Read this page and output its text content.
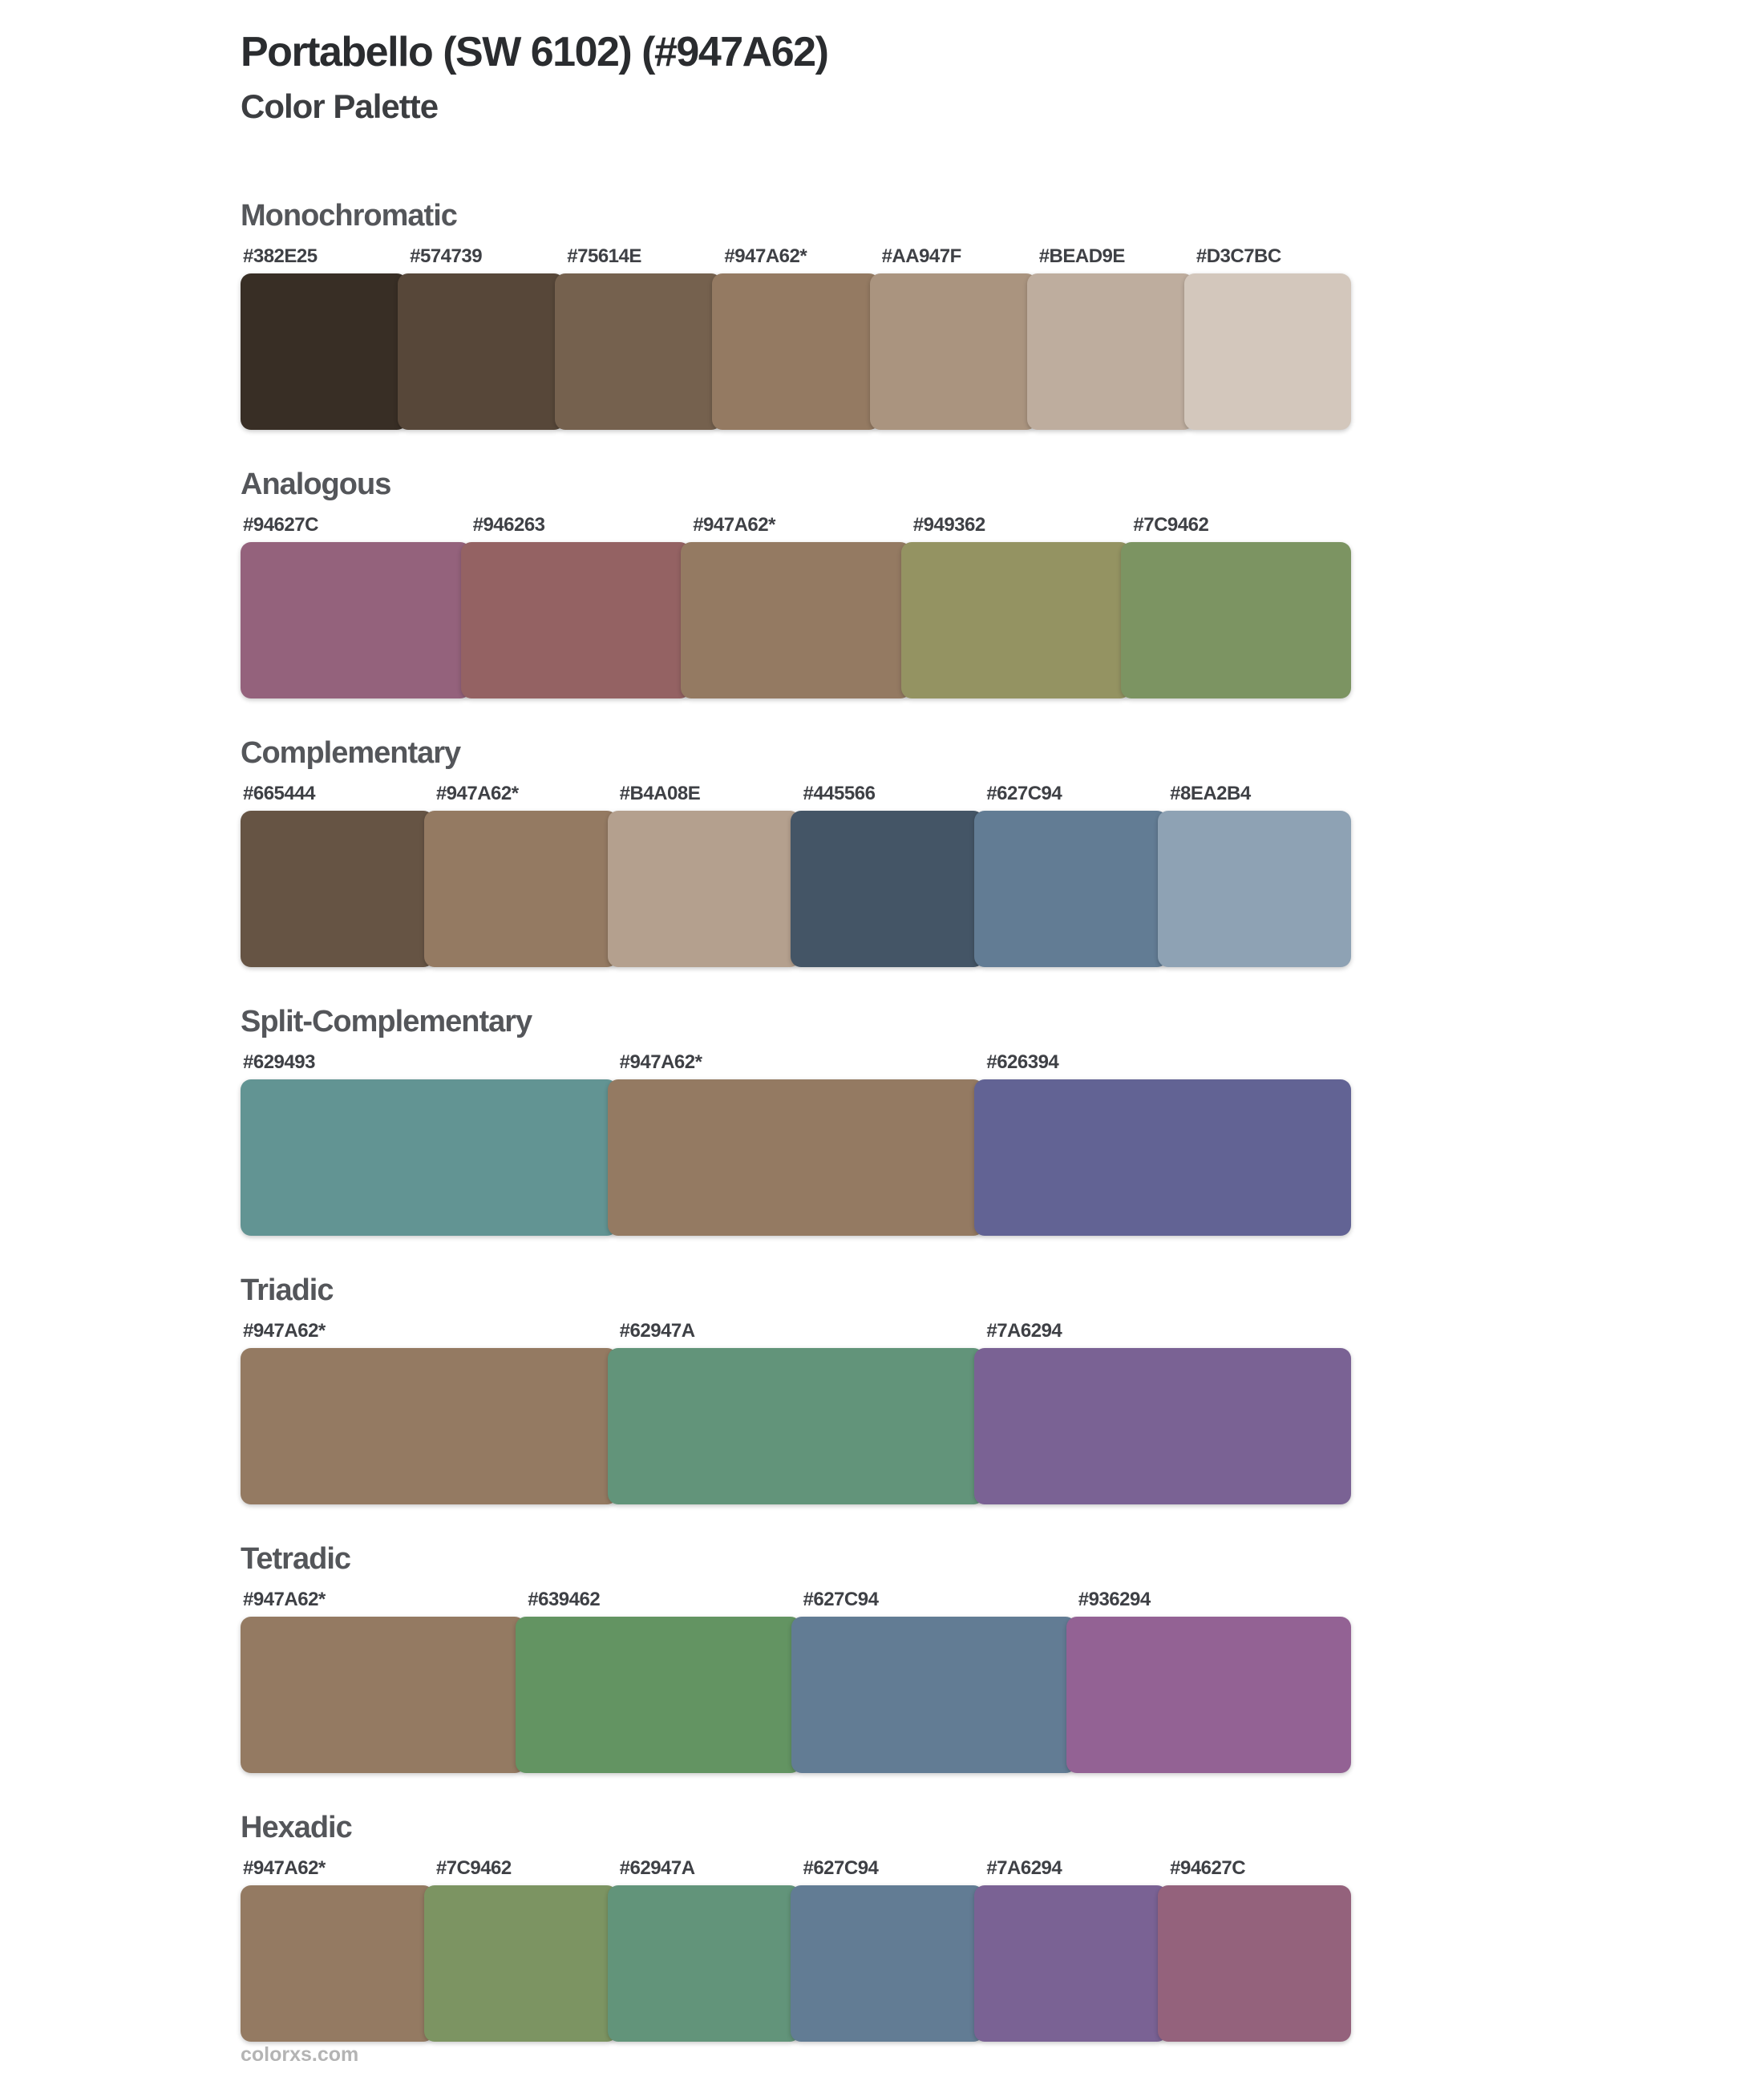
Portabello (SW 6102) (#947A62)
Color Palette
Monochromatic
#382E25	#574739	#75614E	#947A62*	#AA947F	#BEAD9E	#D3C7BC
Analogous
#94627C	#946263	#947A62*	#949362	#7C9462
Complementary
#665444	#947A62*	#B4A08E	#445566	#627C94	#8EA2B4
Split-Complementary
#629493	#947A62*	#626394
Triadic
#947A62*	#62947A	#7A6294
Tetradic
#947A62*	#639462	#627C94	#936294
Hexadic
#947A62*	#7C9462	#62947A	#627C94	#7A6294	#94627C
colorxs.com
